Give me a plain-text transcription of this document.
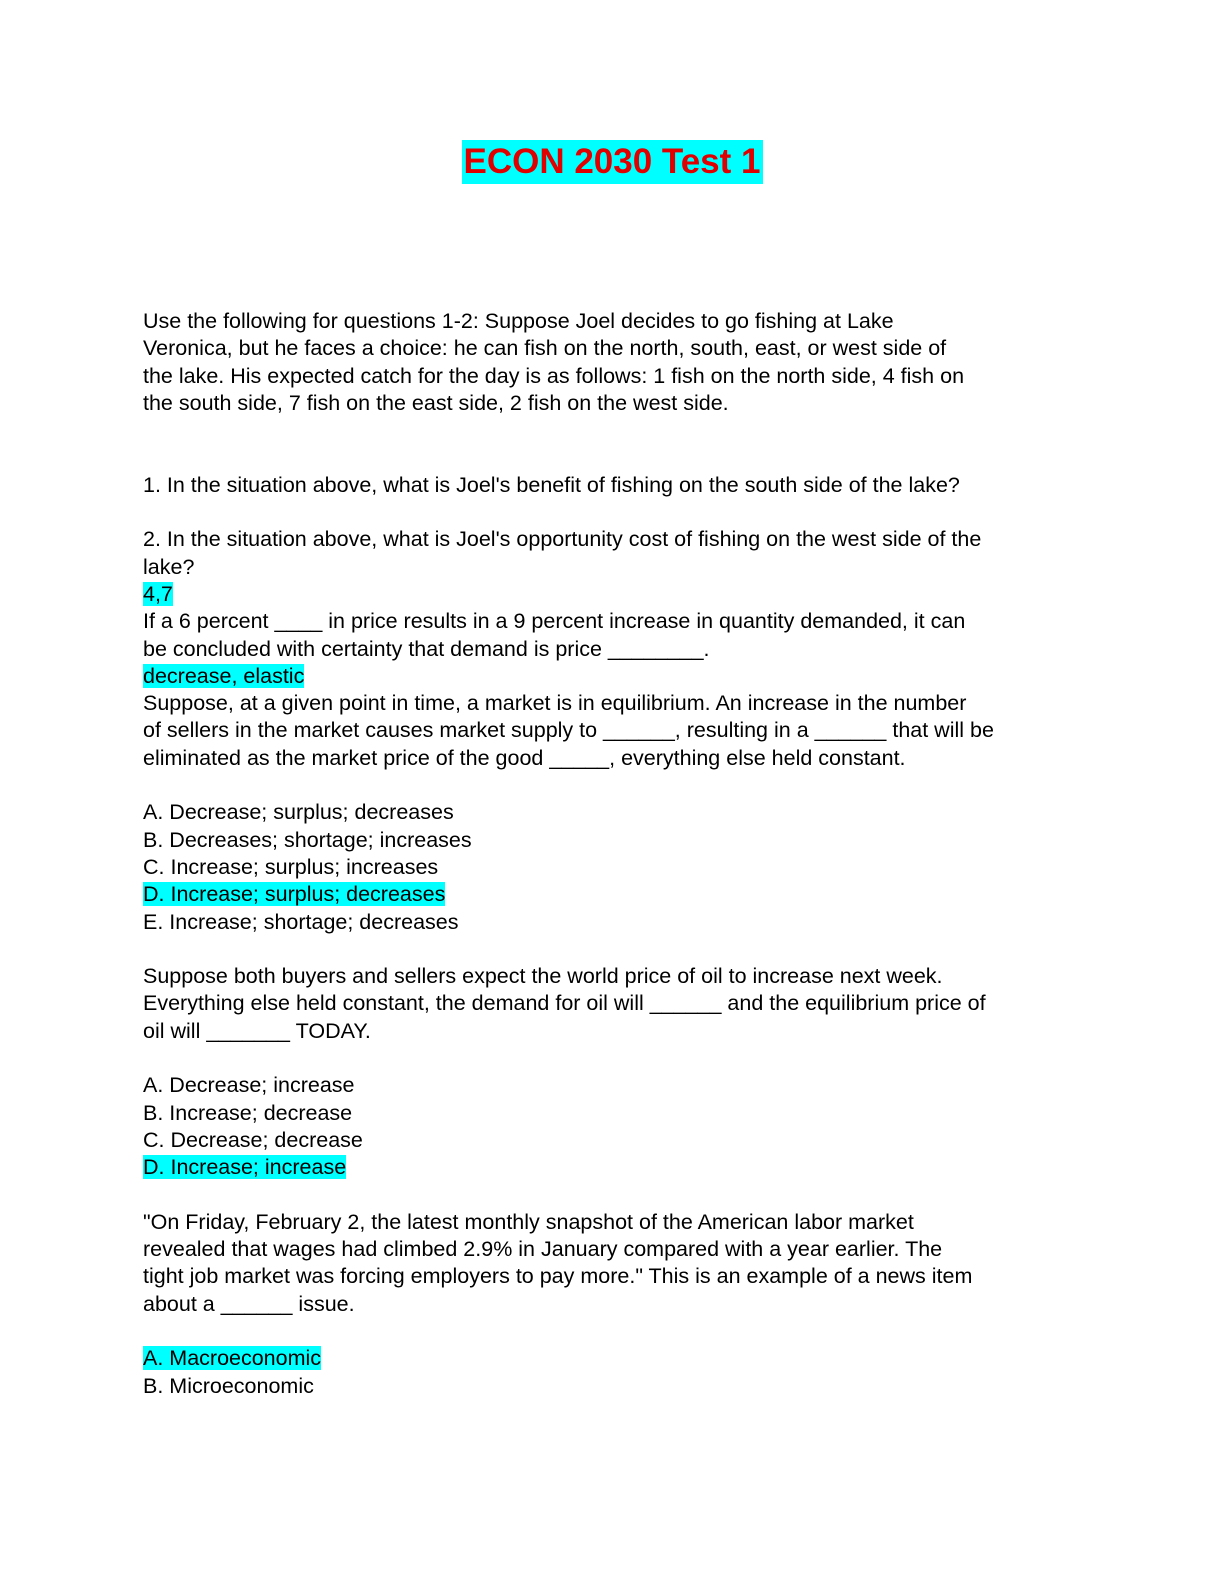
ECON 2030 Test 1
Use the following for questions 1-2: Suppose Joel decides to go fishing at Lake
Veronica, but he faces a choice: he can fish on the north, south, east, or west side of
the lake. His expected catch for the day is as follows: 1 fish on the north side, 4 fish on
the south side, 7 fish on the east side, 2 fish on the west side.
1. In the situation above, what is Joel's benefit of fishing on the south side of the lake?
2. In the situation above, what is Joel's opportunity cost of fishing on the west side of the
lake?
4,7
If a 6 percent ____ in price results in a 9 percent increase in quantity demanded, it can
be concluded with certainty that demand is price ________.
decrease, elastic
Suppose, at a given point in time, a market is in equilibrium. An increase in the number
of sellers in the market causes market supply to ______, resulting in a ______ that will be
eliminated as the market price of the good _____, everything else held constant.
A. Decrease; surplus; decreases
B. Decreases; shortage; increases
C. Increase; surplus; increases
D. Increase; surplus; decreases
E. Increase; shortage; decreases
Suppose both buyers and sellers expect the world price of oil to increase next week.
Everything else held constant, the demand for oil will ______ and the equilibrium price of
oil will _______ TODAY.
A. Decrease; increase
B. Increase; decrease
C. Decrease; decrease
D. Increase; increase
"On Friday, February 2, the latest monthly snapshot of the American labor market
revealed that wages had climbed 2.9% in January compared with a year earlier. The
tight job market was forcing employers to pay more." This is an example of a news item
about a ______ issue.
A. Macroeconomic
B. Microeconomic
